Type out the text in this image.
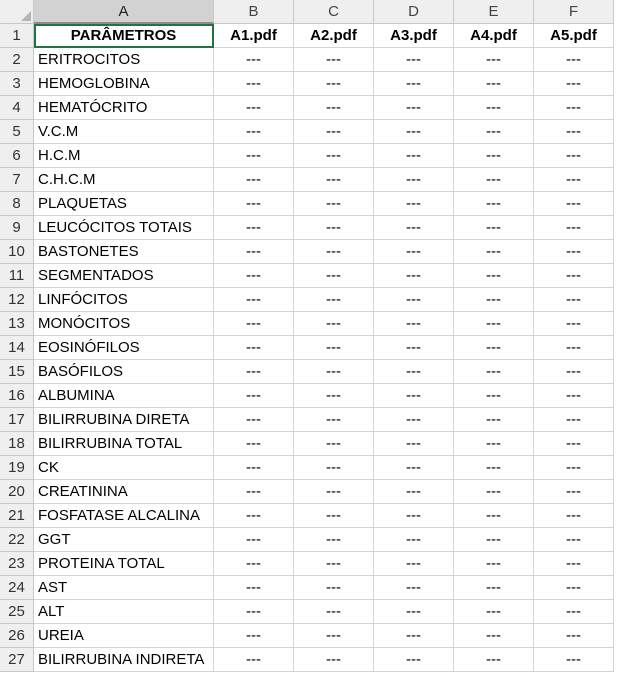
A	B	C	D	E	F
1	PARÂMETROS	A1.pdf	A2.pdf	A3.pdf	A4.pdf	A5.pdf
2	ERITROCITOS	---	---	---	---	---
3	HEMOGLOBINA	---	---	---	---	---
4	HEMATÓCRITO	---	---	---	---	---
5	V.C.M	---	---	---	---	---
6	H.C.M	---	---	---	---	---
7	C.H.C.M	---	---	---	---	---
8	PLAQUETAS	---	---	---	---	---
9	LEUCÓCITOS TOTAIS	---	---	---	---	---
10 BASTONETES	---	---	---	---	---
11 SEGMENTADOS	---	---	---	---	---
12 LINFÓCITOS	---	---	---	---	---
13 MONÓCITOS	---	---	---	---	---
14 EOSINÓFILOS	---	---	---	---	---
15 BASÓFILOS	---	---	---	---	---
16 ALBUMINA	---	---	---	---	---
17 BILIRRUBINA DIRETA	---	---	---	---	---
18 BILIRRUBINA TOTAL	---	---	---	---	---
19 CK	---	---	---	---	---
20 CREATININA	---	---	---	---	---
21 FOSFATASE ALCALINA	---	---	---	---	---
22 GGT	---	---	---	---	---
23 PROTEINA TOTAL	---	---	---	---	---
24 AST	---	---	---	---	---
25 ALT	---	---	---	---	---
26 UREIA	---	---	---	---	---
27 BILIRRUBINA INDIRETA	---	---	---	---	---
